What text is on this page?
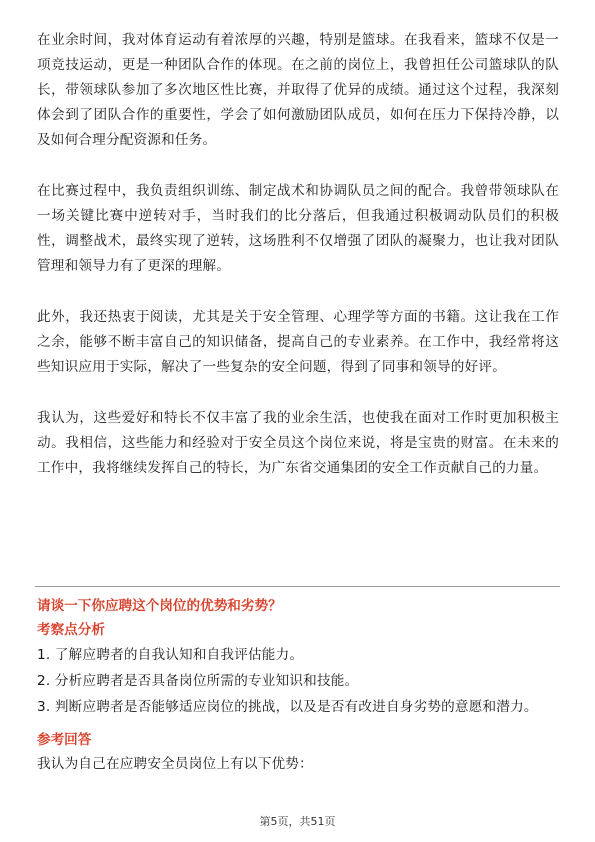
在业余时间，我对体育运动有着浓厚的兴趣，特别是篮球。在我看来，篮球不仅是一项竞技运动，更是一种团队合作的体现。在之前的岗位上，我曾担任公司篮球队的队长，带领球队参加了多次地区性比赛，并取得了优异的成绩。通过这个过程，我深刻体会到了团队合作的重要性，学会了如何激励团队成员，如何在压力下保持冷静，以及如何合理分配资源和任务。

在比赛过程中，我负责组织训练、制定战术和协调队员之间的配合。我曾带领球队在一场关键比赛中逆转对手，当时我们的比分落后，但我通过积极调动队员们的积极性，调整战术，最终实现了逆转，这场胜利不仅增强了团队的凝聚力，也让我对团队管理和领导力有了更深的理解。

此外，我还热衷于阅读，尤其是关于安全管理、心理学等方面的书籍。这让我在工作之余，能够不断丰富自己的知识储备，提高自己的专业素养。在工作中，我经常将这些知识应用于实际，解决了一些复杂的安全问题，得到了同事和领导的好评。

我认为，这些爱好和特长不仅丰富了我的业余生活，也使我在面对工作时更加积极主动。我相信，这些能力和经验对于安全员这个岗位来说，将是宝贵的财富。在未来的工作中，我将继续发挥自己的特长，为广东省交通集团的安全工作贡献自己的力量。

请谈一下你应聘这个岗位的优势和劣势？

考察点分析

1. 了解应聘者的自我认知和自我评估能力。

2. 分析应聘者是否具备岗位所需的专业知识和技能。

3. 判断应聘者是否能够适应岗位的挑战，以及是否有改进自身劣势的意愿和潜力。

参考回答

我认为自己在应聘安全员岗位上有以下优势：

第5页，共51页
